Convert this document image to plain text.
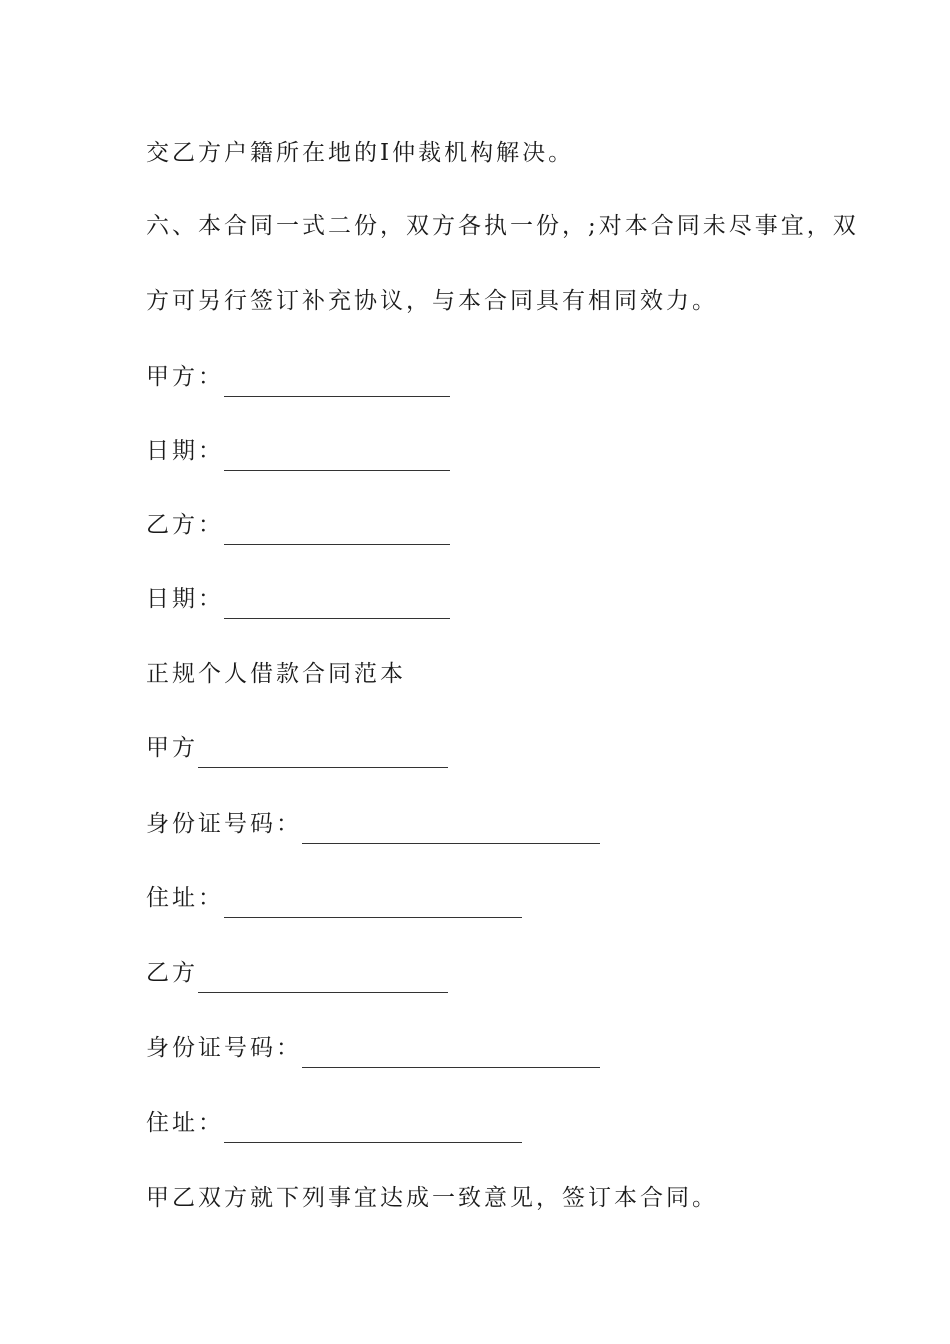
交乙方户籍所在地的I仲裁机构解决。
六、本合同一式二份，双方各执一份，;对本合同未尽事宜，双
方可另行签订补充协议，与本合同具有相同效力。
甲方：
日期：
乙方：
日期：
正规个人借款合同范本
甲方
身份证号码：
住址：
乙方
身份证号码：
住址：
甲乙双方就下列事宜达成一致意见，签订本合同。
